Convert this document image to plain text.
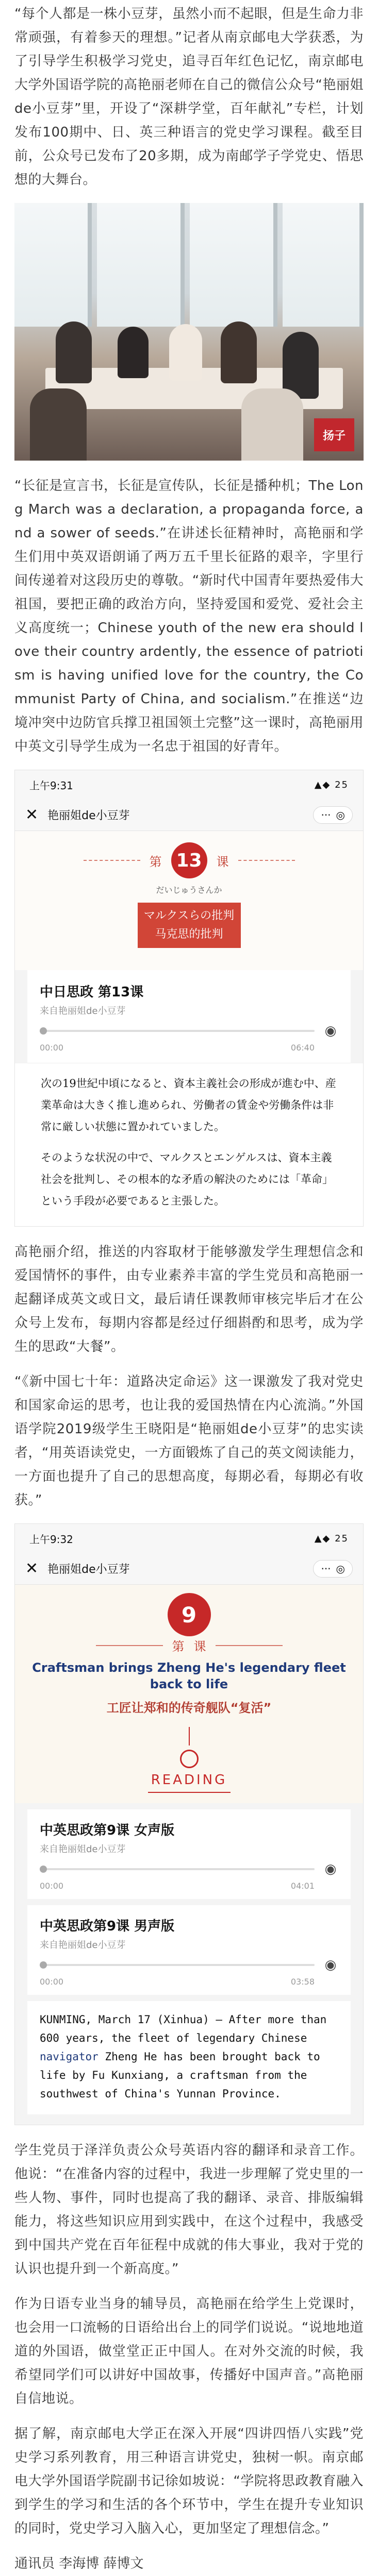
“每个人都是一株小豆芽，虽然小而不起眼，但是生命力非常顽强，有着参天的理想。”记者从南京邮电大学获悉，为了引导学生积极学习党史，追寻百年红色记忆，南京邮电大学外国语学院的高艳丽老师在自己的微信公众号“艳丽姐de小豆芽”里，开设了“深耕学堂，百年献礼”专栏，计划发布100期中、日、英三种语言的党史学习课程。截至目前，公众号已发布了20多期，成为南邮学子学党史、悟思想的大舞台。

扬子

“长征是宣言书，长征是宣传队，长征是播种机；The Long March was a declaration, a propaganda force, and a sower of seeds.”在讲述长征精神时，高艳丽和学生们用中英双语朗诵了两万五千里长征路的艰辛，字里行间传递着对这段历史的尊敬。“新时代中国青年要热爱伟大祖国，要把正确的政治方向，坚持爱国和爱党、爱社会主义高度统一；Chinese youth of the new era should love their country ardently, the essence of patriotism is having unified love for the country, the Communist Party of China, and socialism.”在推送“边境冲突中边防官兵撑卫祖国领土完整”这一课时，高艳丽用中英文引导学生成为一名忠于祖国的好青年。

上午9:31	▲◆ 25
✕ 艳丽姐de小豆芽	··· ◎
第 13	课
だいじゅうさんか
マルクスらの批判
马克思的批判
中日思政 第13课
来自艳丽姐de小豆芽
◉
00:00	06:40

次の19世紀中頃になると、資本主義社会の形成が進む中、産業革命は大きく推し進められ、労働者の賃金や労働条件は非常に厳しい状態に置かれていました。

そのような状況の中で、マルクスとエンゲルスは、資本主義社会を批判し、その根本的な矛盾の解決のためには「革命」という手段が必要であると主張した。

高艳丽介绍，推送的内容取材于能够激发学生理想信念和爱国情怀的事件，由专业素养丰富的学生党员和高艳丽一起翻译成英文或日文，最后请任课教师审核完毕后才在公众号上发布，每期内容都是经过仔细斟酌和思考，成为学生的思政“大餐”。

“《新中国七十年：道路决定命运》这一课激发了我对党史和国家命运的思考，也让我的爱国热情在内心流淌。”外国语学院2019级学生王晓阳是“艳丽姐de小豆芽”的忠实读者，“用英语读党史，一方面锻炼了自己的英文阅读能力，一方面也提升了自己的思想高度，每期必看，每期必有收获。”

上午9:32	▲◆ 25
✕ 艳丽姐de小豆芽	··· ◎
9
第 课
Craftsman brings Zheng He's legendary fleet back to life
工匠让郑和的传奇舰队“复活”
READING
中英思政第9课 女声版
来自艳丽姐de小豆芽
◉
00:00	04:01
中英思政第9课 男声版
来自艳丽姐de小豆芽
◉
00:00	03:58
KUNMING, March 17 (Xinhua) — After more than 600 years, the fleet of legendary Chinese navigator Zheng He has been brought back to life by Fu Kunxiang, a craftsman from the southwest of China's Yunnan Province.

学生党员于泽洋负责公众号英语内容的翻译和录音工作。他说：“在准备内容的过程中，我进一步理解了党史里的一些人物、事件，同时也提高了我的翻译、录音、排版编辑能力，将这些知识应用到实践中，在这个过程中，我感受到中国共产党在百年征程中成就的伟大事业，我对于党的认识也提升到一个新高度。”

作为日语专业当身的辅导员，高艳丽在给学生上党课时，也会用一口流畅的日语给出台上的同学们说说。“说地地道道的外国语，做堂堂正正中国人。在对外交流的时候，我希望同学们可以讲好中国故事，传播好中国声音。”高艳丽自信地说。

据了解，南京邮电大学正在深入开展“四讲四悟八实践”党史学习系列教育，用三种语言讲党史，独树一帜。南京邮电大学外国语学院副书记徐如坡说：“学院将思政教育融入到学生的学习和生活的各个环节中，学生在提升专业知识的同时，党史学习入脑入心，更加坚定了理想信念。”

通讯员 李海博 薛博文
